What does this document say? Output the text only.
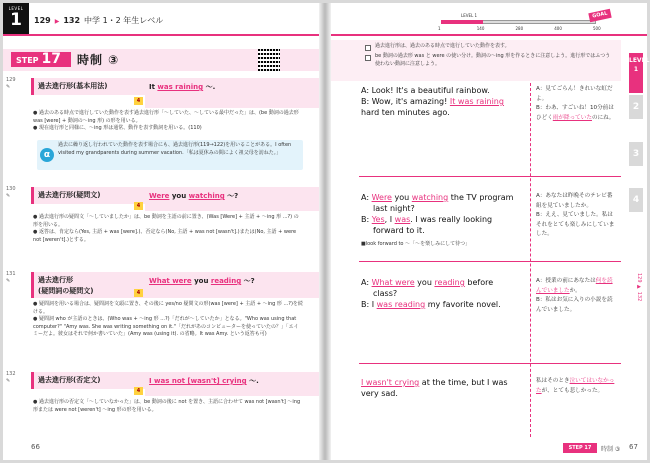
LEVEL
1	129 ▶ 132 中学 1・2 年生レベル
STEP 17	時制 ③
129
✎	過去進行形(基本用法)	It was raining 〜.
4
● 過去のある時点で進行していた動作を表す過去進行形「〜していた、〜している最中だった」は、(be 動詞の過去形 was [were] + 動詞の〜ing 形) の形を用いる。
● 現在進行形と同様に、〜ing 形は通常、動作を表す動詞を用いる。(110)
α
過去に繰り返し行われていた動作を表す場合にも、過去進行形(119→122)を用いることがある。I often visited my grandparents during summer vacation.「私は夏休みの間によく祖父母を訪ねた。」
130
✎	過去進行形(疑問文)	Were you watching 〜?
4
● 過去進行形の疑問文「〜していましたか」は、be 動詞を主語の前に置き、(Was [Were] + 主語 + 〜ing 形 ...?) の形を用いる。
● 返答は、肯定なら(Yes, 主語 + was [were].)、否定なら(No, 主語 + was not [wasn't].)または(No, 主語 + were not [weren't].)とする。
131
✎	過去進行形
(疑問詞の疑問文)
What were you reading 〜?
4
● 疑問詞を用いる場合は、疑問詞を文頭に置き、その後に yes/no 疑問文の形(was [were] + 主語 + 〜ing 形 ...?)を続ける。
● 疑問詞 who が主語のときは、(Who was + 〜ing 形 ...?)「だれが〜していたか」となる。"Who was using that computer?" "Amy was. She was writing something on it."「だれがあのコンピューターを使っていたの？」「エイミーだよ。彼女はそれで何か書いていた」(Amy was (using it). の省略。It was Amy. という返答も可)
132
✎	過去進行形(否定文)	I was not [wasn't] crying 〜.
4
● 過去進行形の否定文「〜していなかった」は、be 動詞の後に not を置き、主語に合わせて was not [wasn't] 〜ing 形または were not [weren't] 〜ing 形の形を用いる。
66
LEVEL 1
1	140	280	400	500
GOAL
過去進行形は、過去のある時点で進行していた動作を表す。
be 動詞の過去形 was と were の使い分け。動詞の〜ing 形を作るときに注意しよう。進行形ではふつう使わない動詞に注意しよう。
A: Look! It's a beautiful rainbow.
B: Wow, it's amazing! It was raining
hard ten minutes ago.
A：見てごらん！きれいな虹だよ。
B：わあ、すごいね！10分前はひどく雨が降っていたのにね。
A: Were you watching the TV program
last night?
B: Yes, I was. I was really looking
forward to it.
■look forward to 〜「〜を楽しみにして待つ」
A：あなたは昨晩そのテレビ番組を見ていましたか。
B：ええ、見ていました。私はそれをとても楽しみにしていました。
A: What were you reading before
class?
B: I was reading my favorite novel.
A：授業の前にあなたは何を読んでいましたか。
B：私はお気に入りの小説を読んでいました。
I wasn't crying at the time, but I was
very sad.
私はそのとき泣いてはいなかったが、とても悲しかった。
STEP 17	時制 ③ 67
LEVEL 1
2
3
4
129 ▶ 132
